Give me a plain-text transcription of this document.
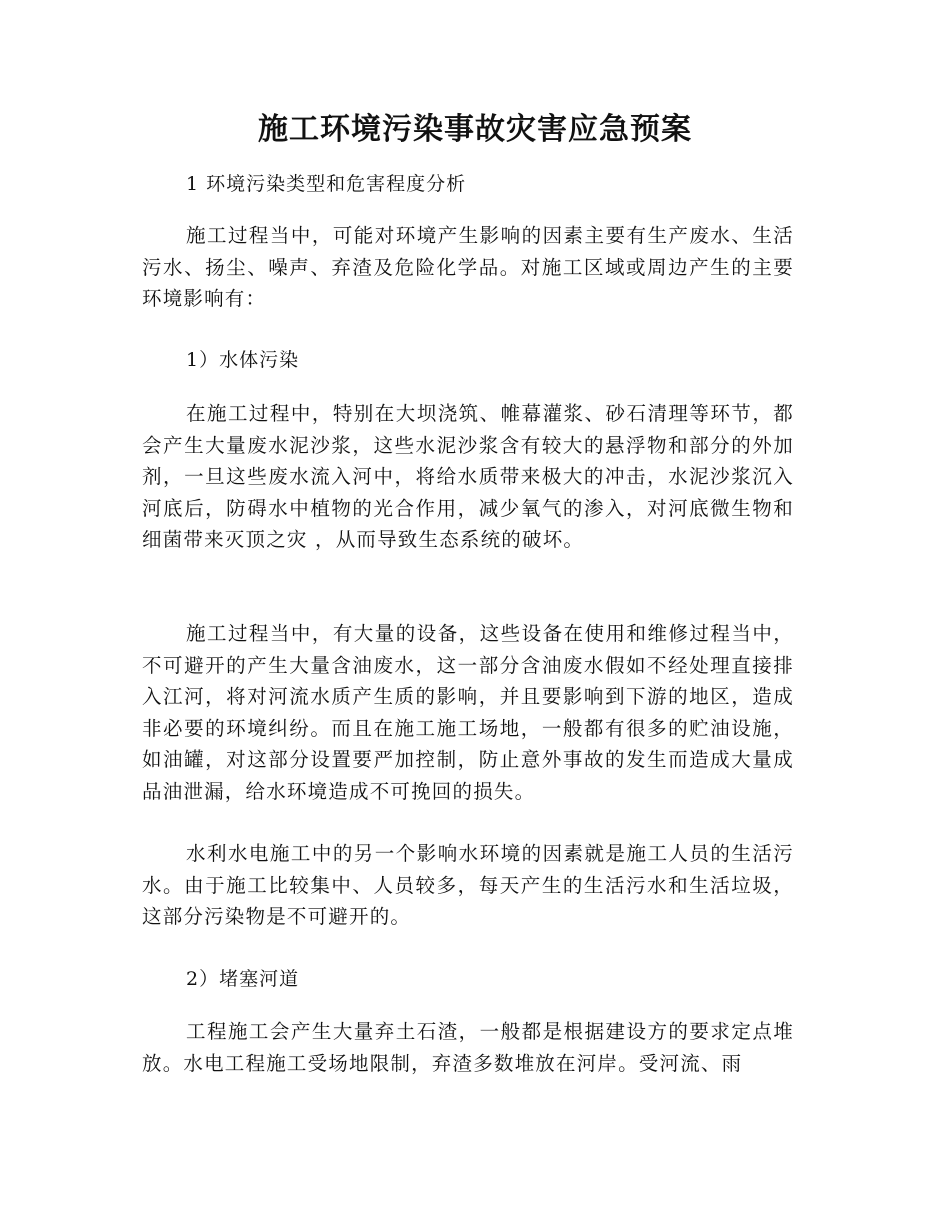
施工环境污染事故灾害应急预案
1 环境污染类型和危害程度分析

施工过程当中，可能对环境产生影响的因素主要有生产废水、生活污水、扬尘、噪声、弃渣及危险化学品。对施工区域或周边产生的主要环境影响有：

1）水体污染

在施工过程中，特别在大坝浇筑、帷幕灌浆、砂石清理等环节，都会产生大量废水泥沙浆，这些水泥沙浆含有较大的悬浮物和部分的外加剂，一旦这些废水流入河中，将给水质带来极大的冲击，水泥沙浆沉入河底后，防碍水中植物的光合作用，减少氧气的渗入，对河底微生物和细菌带来灭顶之灾 ，从而导致生态系统的破坏。

施工过程当中，有大量的设备，这些设备在使用和维修过程当中，不可避开的产生大量含油废水，这一部分含油废水假如不经处理直接排入江河，将对河流水质产生质的影响，并且要影响到下游的地区，造成非必要的环境纠纷。而且在施工施工场地，一般都有很多的贮油设施，如油罐，对这部分设置要严加控制，防止意外事故的发生而造成大量成品油泄漏，给水环境造成不可挽回的损失。

水利水电施工中的另一个影响水环境的因素就是施工人员的生活污水。由于施工比较集中、人员较多，每天产生的生活污水和生活垃圾，这部分污染物是不可避开的。

2）堵塞河道

工程施工会产生大量弃土石渣，一般都是根据建设方的要求定点堆放。水电工程施工受场地限制，弃渣多数堆放在河岸。受河流、雨
